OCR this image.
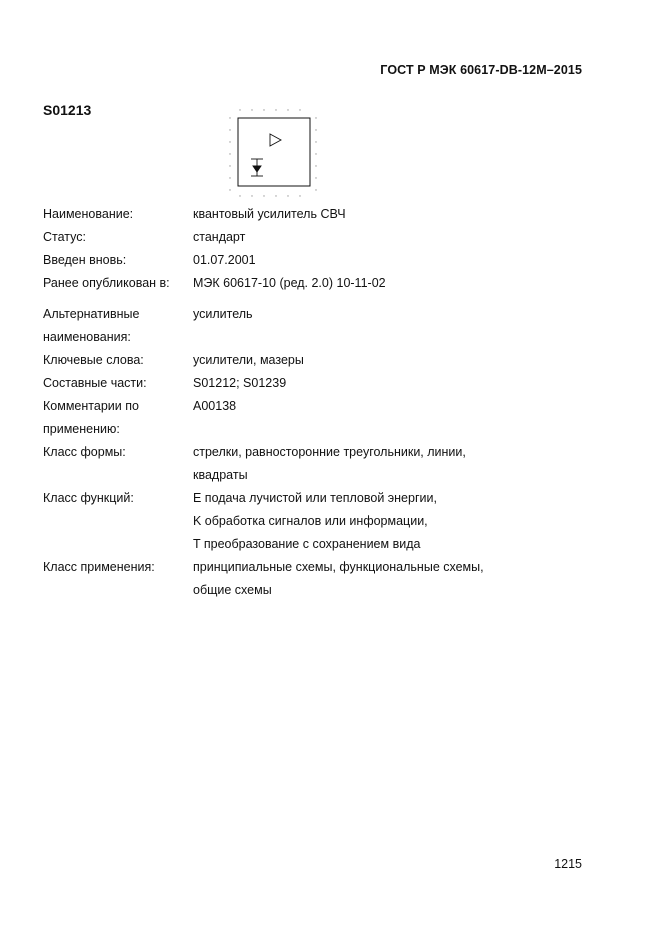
ГОСТ Р МЭК 60617-DB-12M–2015
S01213
Наименование:	квантовый усилитель СВЧ
Статус:	стандарт
Введен вновь:	01.07.2001
Ранее опубликован в:	МЭК 60617-10 (ред. 2.0) 10-11-02
Альтернативные
наименования:
усилитель
Ключевые слова:	усилители, мазеры
Составные части:	S01212; S01239
Комментарии по
применению:
A00138
Класс формы:	стрелки, равносторонние треугольники, линии,
квадраты
Класс функций:	E подача лучистой или тепловой энергии,
K обработка сигналов или информации,
T преобразование с сохранением вида
Класс применения:	принципиальные схемы, функциональные схемы,
общие схемы
1215
